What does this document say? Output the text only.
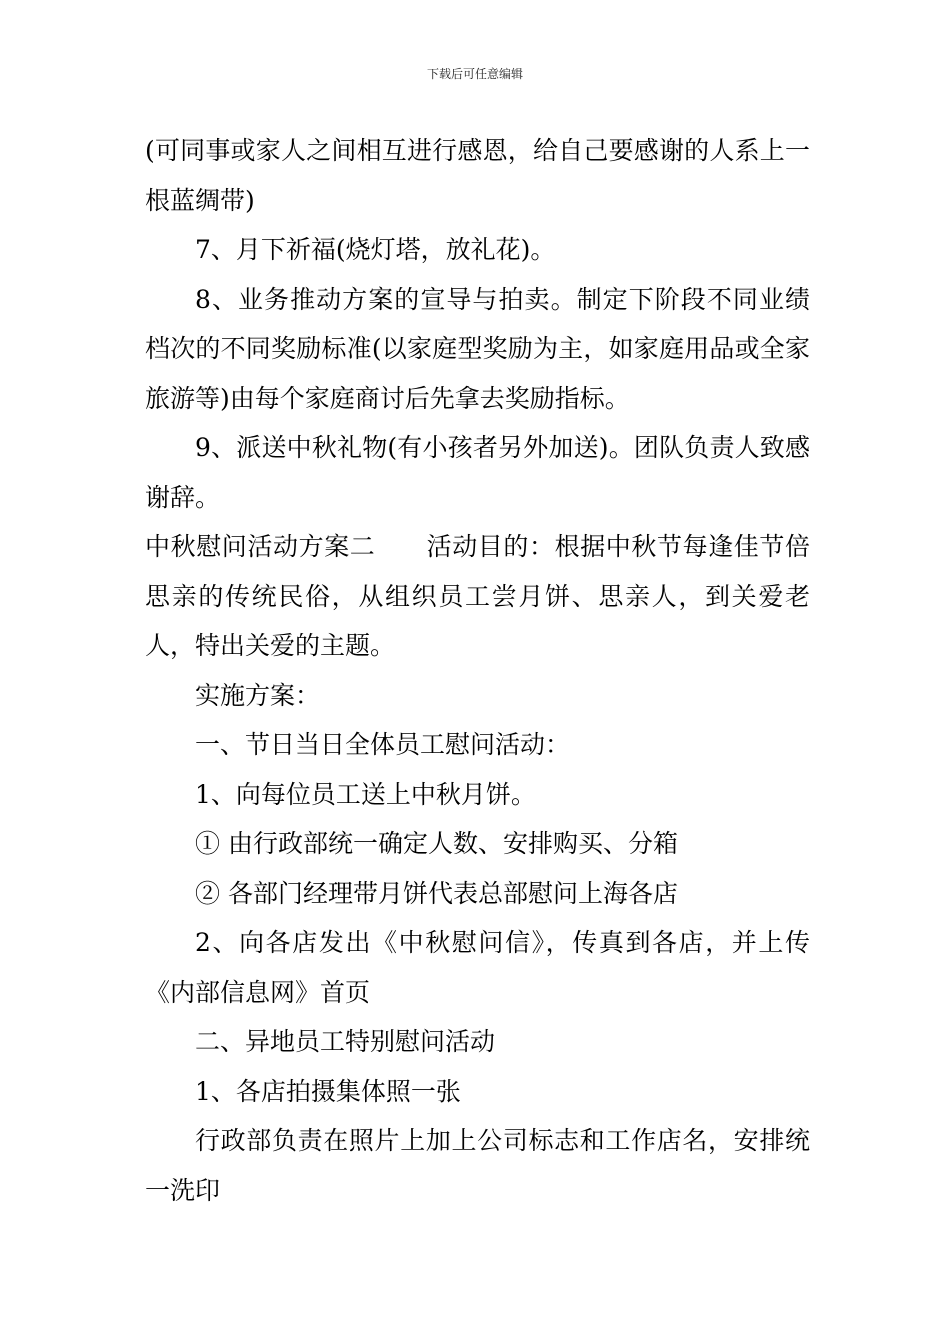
下载后可任意编辑

(可同事或家人之间相互进行感恩，给自己要感谢的人系上一根蓝绸带)

7、月下祈福(烧灯塔，放礼花)。

8、业务推动方案的宣导与拍卖。制定下阶段不同业绩档次的不同奖励标准(以家庭型奖励为主，如家庭用品或全家旅游等)由每个家庭商讨后先拿去奖励指标。

9、派送中秋礼物(有小孩者另外加送)。团队负责人致感谢辞。

中秋慰问活动方案二　　活动目的：根据中秋节每逢佳节倍思亲的传统民俗，从组织员工尝月饼、思亲人，到关爱老人，特出关爱的主题。

实施方案：

一、节日当日全体员工慰问活动：

1、向每位员工送上中秋月饼。

① 由行政部统一确定人数、安排购买、分箱

② 各部门经理带月饼代表总部慰问上海各店

2、向各店发出《中秋慰问信》，传真到各店，并上传《内部信息网》首页

二、异地员工特别慰问活动

1、各店拍摄集体照一张

行政部负责在照片上加上公司标志和工作店名，安排统一洗印
